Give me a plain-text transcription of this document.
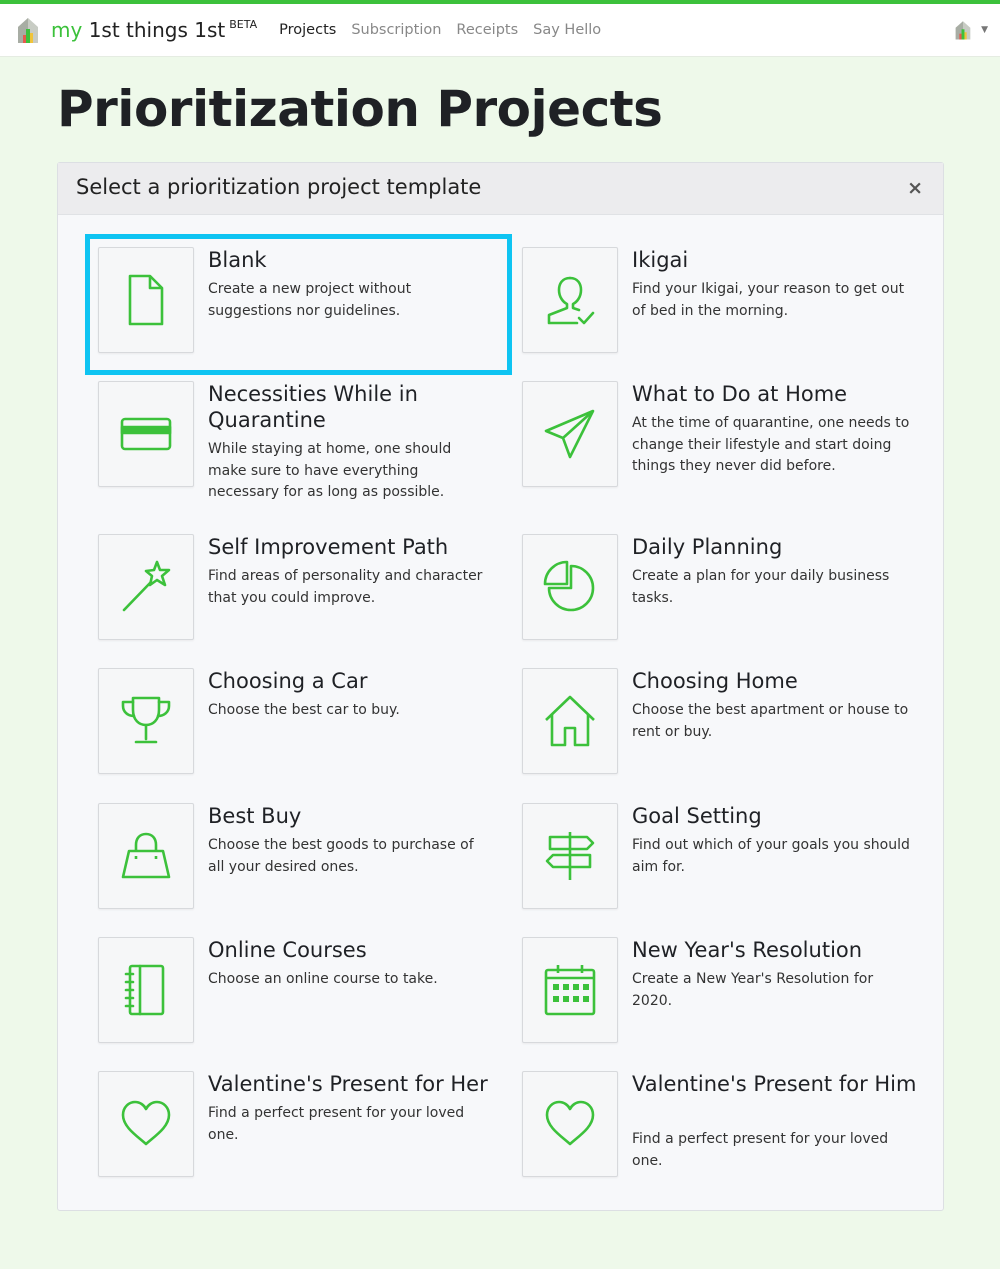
my 1st things 1st $^{BETA}$ Projects Subscription Receipts Say Hello	▼
Prioritization Projects
Select a prioritization project template	×
Blank
Create a new project without suggestions nor guidelines.
Ikigai
Find your Ikigai, your reason to get out of bed in the morning.
Necessities While in Quarantine
While staying at home, one should make sure to have everything necessary for as long as possible.
What to Do at Home
At the time of quarantine, one needs to change their lifestyle and start doing things they never did before.
Self Improvement Path
Find areas of personality and character that you could improve.
Daily Planning
Create a plan for your daily business tasks.
Choosing a Car
Choose the best car to buy.
Choosing Home
Choose the best apartment or house to rent or buy.
Best Buy
Choose the best goods to purchase of all your desired ones.
Goal Setting
Find out which of your goals you should aim for.
Online Courses
Choose an online course to take.
New Year's Resolution
Create a New Year's Resolution for 2020.
Valentine's Present for Her
Find a perfect present for your loved one.
Valentine's Present for Him
Find a perfect present for your loved one.
